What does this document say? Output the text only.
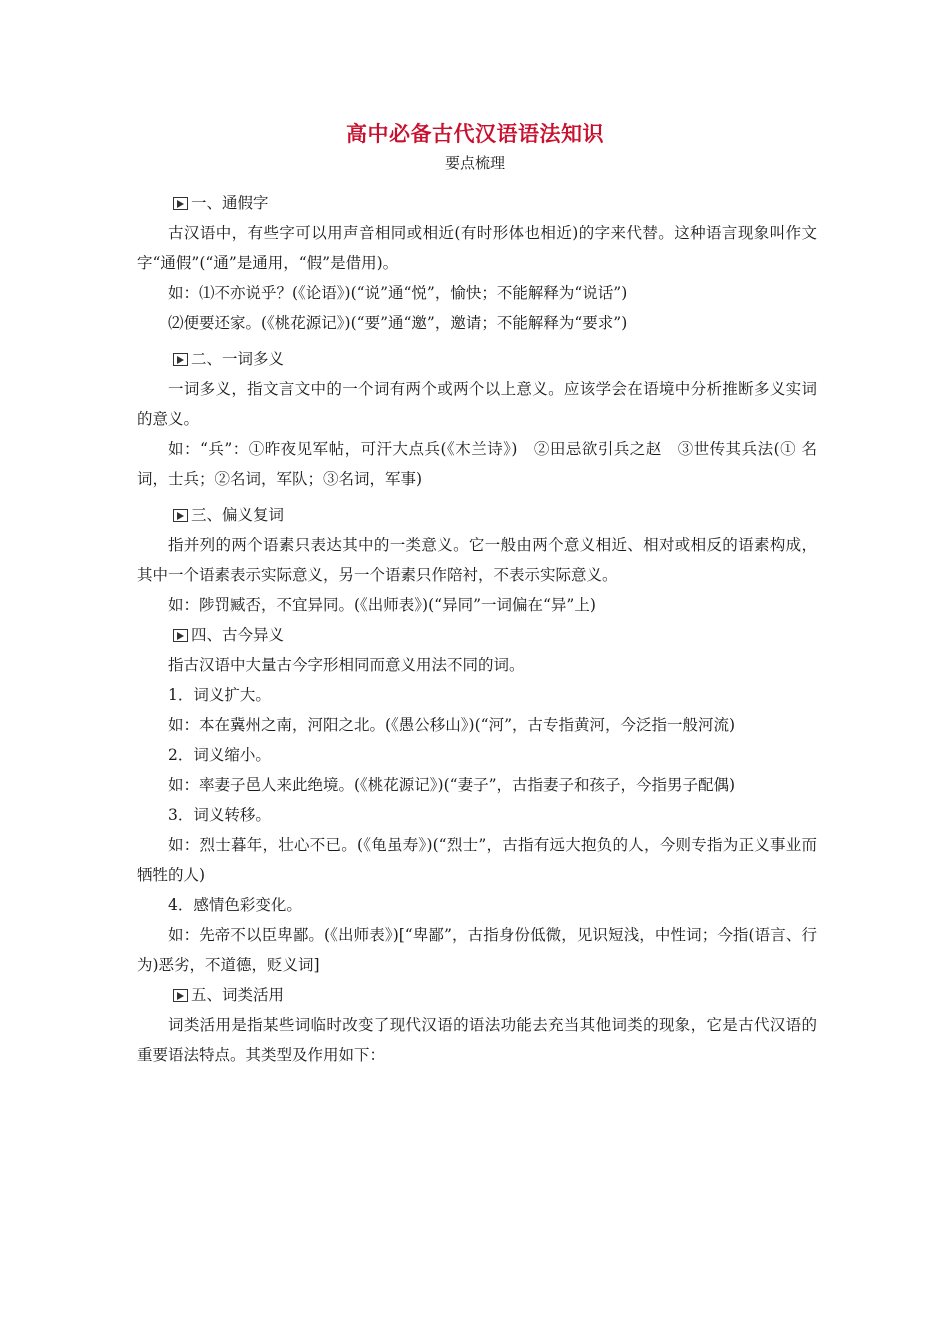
高中必备古代汉语语法知识
要点梳理
一、通假字

古汉语中，有些字可以用声音相同或相近(有时形体也相近)的字来代替。这种语言现象叫作文字“通假”(“通”是通用，“假”是借用)。

如：⑴不亦说乎？(《论语》)(“说”通“悦”，愉快；不能解释为“说话”)

⑵便要还家。(《桃花源记》)(“要”通“邀”，邀请；不能解释为“要求”)

二、一词多义

一词多义，指文言文中的一个词有两个或两个以上意义。应该学会在语境中分析推断多义实词的意义。

如：“兵”：①昨夜见军帖，可汗大点兵(《木兰诗》)　②田忌欲引兵之赵　③世传其兵法(① 名词，士兵；②名词，军队；③名词，军事)

三、偏义复词

指并列的两个语素只表达其中的一类意义。它一般由两个意义相近、相对或相反的语素构成，其中一个语素表示实际意义，另一个语素只作陪衬，不表示实际意义。

如：陟罚臧否，不宜异同。(《出师表》)(“异同”一词偏在“异”上)

四、古今异义

指古汉语中大量古今字形相同而意义用法不同的词。

1．词义扩大。

如：本在冀州之南，河阳之北。(《愚公移山》)(“河”，古专指黄河，今泛指一般河流)

2．词义缩小。

如：率妻子邑人来此绝境。(《桃花源记》)(“妻子”，古指妻子和孩子，今指男子配偶)

3．词义转移。

如：烈士暮年，壮心不已。(《龟虽寿》)(“烈士”，古指有远大抱负的人，今则专指为正义事业而牺牲的人)

4．感情色彩变化。

如：先帝不以臣卑鄙。(《出师表》)[“卑鄙”，古指身份低微，见识短浅，中性词；今指(语言、行为)恶劣，不道德，贬义词]

五、词类活用

词类活用是指某些词临时改变了现代汉语的语法功能去充当其他词类的现象，它是古代汉语的重要语法特点。其类型及作用如下：
